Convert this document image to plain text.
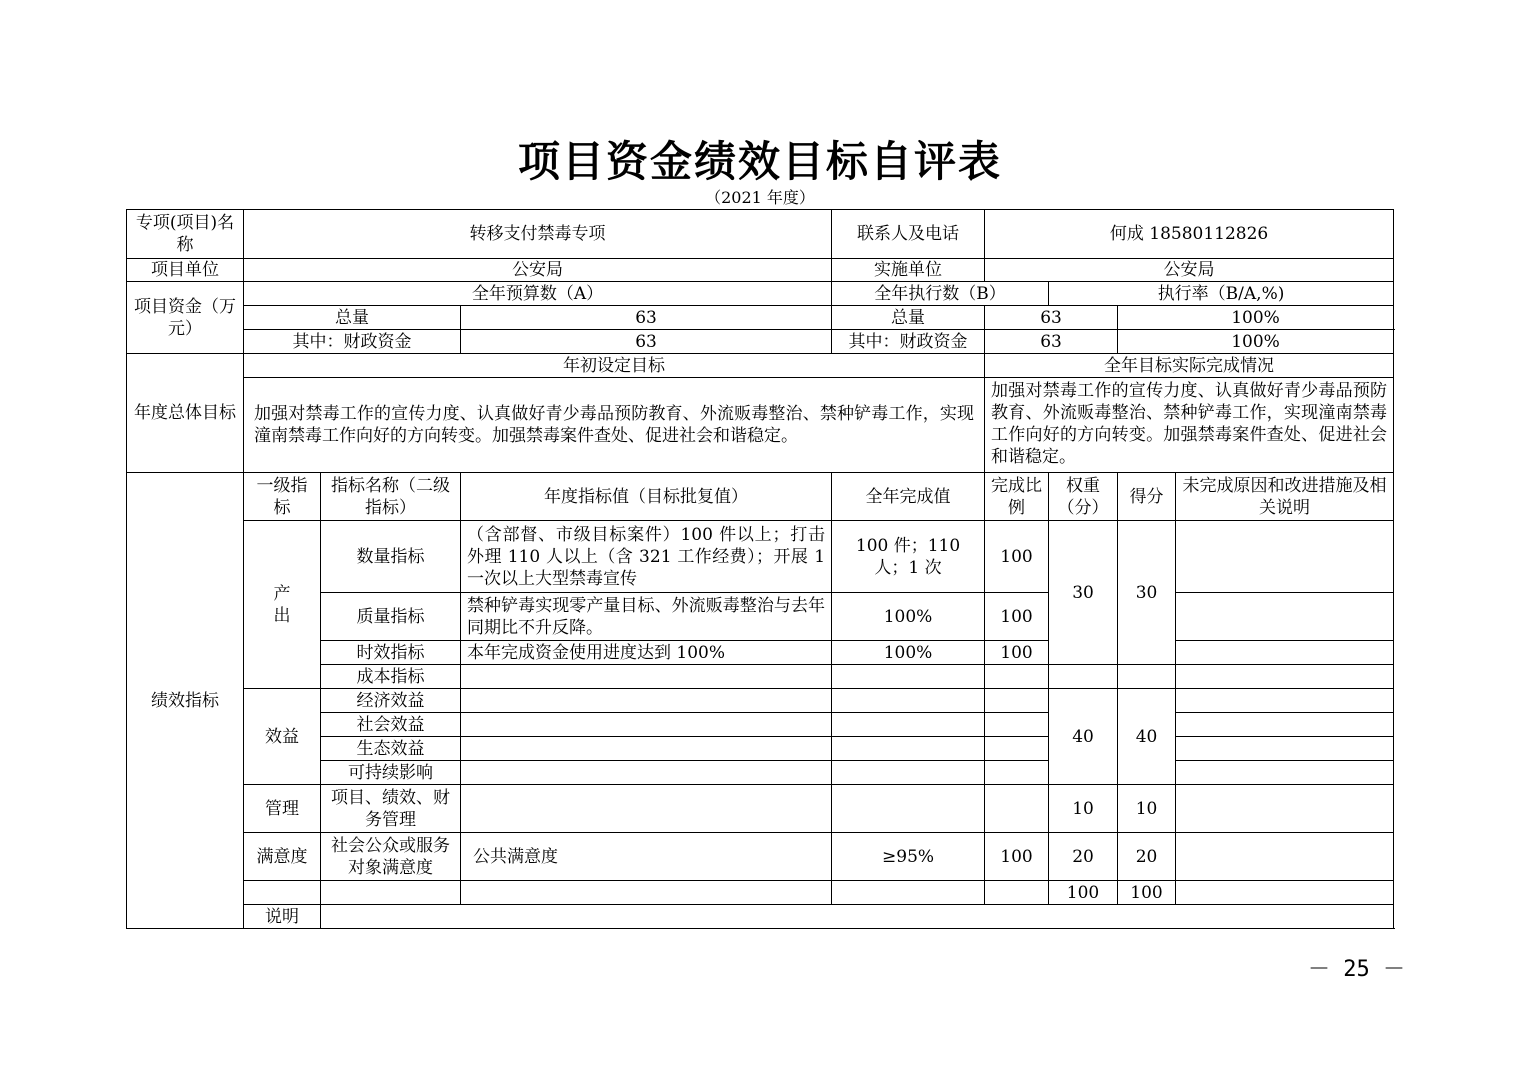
项目资金绩效目标自评表
（2021 年度）
专项(项目)名称	转移支付禁毒专项			联系人及电话	何成 18580112826			
项目单位	公安局			实施单位	公安局			
项目资金（万元）	全年预算数（A）			全年执行数（B）		执行率（B/A,%)		
	总量		63	总量	63		100%	
	其中：财政资金		63	其中：财政资金	63		100%	
年度总体目标	年初设定目标				全年目标实际完成情况			
	加强对禁毒工作的宣传力度、认真做好青少毒品预防教育、外流贩毒整治、禁种铲毒工作，实现潼南禁毒工作向好的方向转变。加强禁毒案件查处、促进社会和谐稳定。				加强对禁毒工作的宣传力度、认真做好青少毒品预防教育、外流贩毒整治、禁种铲毒工作，实现潼南禁毒工作向好的方向转变。加强禁毒案件查处、促进社会和谐稳定。			
绩效指标	一级指标	指标名称（二级指标）	年度指标值（目标批复值）	全年完成值	完成比例	权重（分）	得分	未完成原因和改进措施及相关说明
	产出	数量指标	（含部督、市级目标案件）100 件以上；打击外理 110 人以上（含 321 工作经费）；开展 1 一次以上大型禁毒宣传	100 件；110 人；1 次	100	30	30	
		质量指标	禁种铲毒实现零产量目标、外流贩毒整治与去年同期比不升反降。	100%	100			
		时效指标	本年完成资金使用进度达到 100%	100%	100			
		成本指标						
	效益	经济效益				40	40	
		社会效益						
		生态效益						
		可持续影响						
	管理	项目、绩效、财务管理				10	10	
	满意度	社会公众或服务对象满意度	公共满意度	≥95%	100	20	20	
						100	100	
	说明							
－ 25 －
